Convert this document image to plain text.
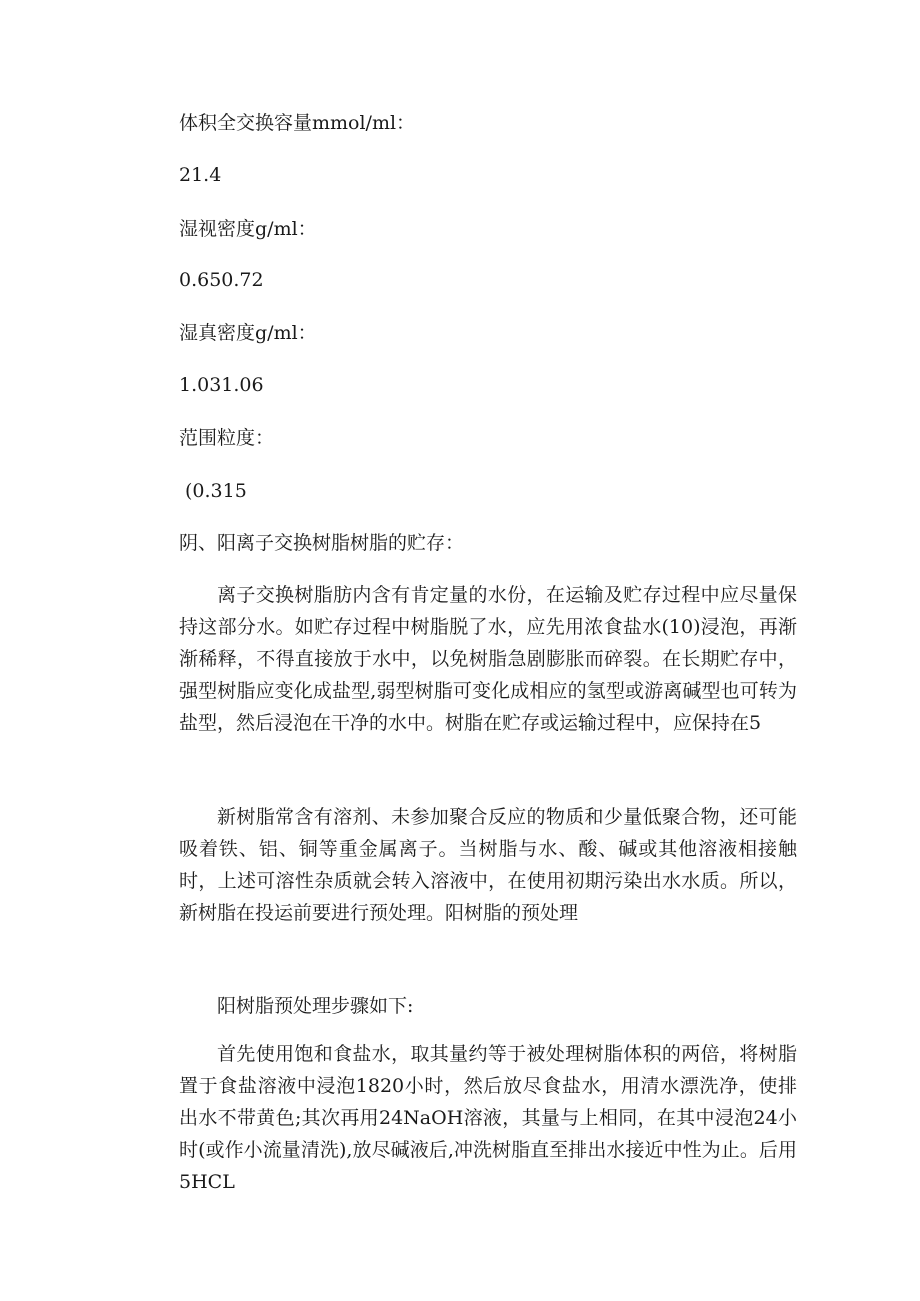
体积全交换容量mmol/ml：

21.4

湿视密度g/ml：

0.650.72

湿真密度g/ml：

1.031.06

范围粒度：

(0.315

阴、阳离子交换树脂树脂的贮存：

离子交换树脂肪内含有肯定量的水份，在运输及贮存过程中应尽量保持这部分水。如贮存过程中树脂脱了水，应先用浓食盐水(10)浸泡，再渐渐稀释，不得直接放于水中，以免树脂急剧膨胀而碎裂。在长期贮存中，强型树脂应变化成盐型,弱型树脂可变化成相应的氢型或游离碱型也可转为盐型，然后浸泡在干净的水中。树脂在贮存或运输过程中，应保持在5

新树脂常含有溶剂、未参加聚合反应的物质和少量低聚合物，还可能吸着铁、铝、铜等重金属离子。当树脂与水、酸、碱或其他溶液相接触时，上述可溶性杂质就会转入溶液中，在使用初期污染出水水质。所以，新树脂在投运前要进行预处理。阳树脂的预处理

阳树脂预处理步骤如下:

首先使用饱和食盐水，取其量约等于被处理树脂体积的两倍，将树脂置于食盐溶液中浸泡1820小时，然后放尽食盐水，用清水漂洗净，使排出水不带黄色;其次再用24NaOH溶液，其量与上相同，在其中浸泡24小时(或作小流量清洗),放尽碱液后,冲洗树脂直至排出水接近中性为止。后用5HCL
